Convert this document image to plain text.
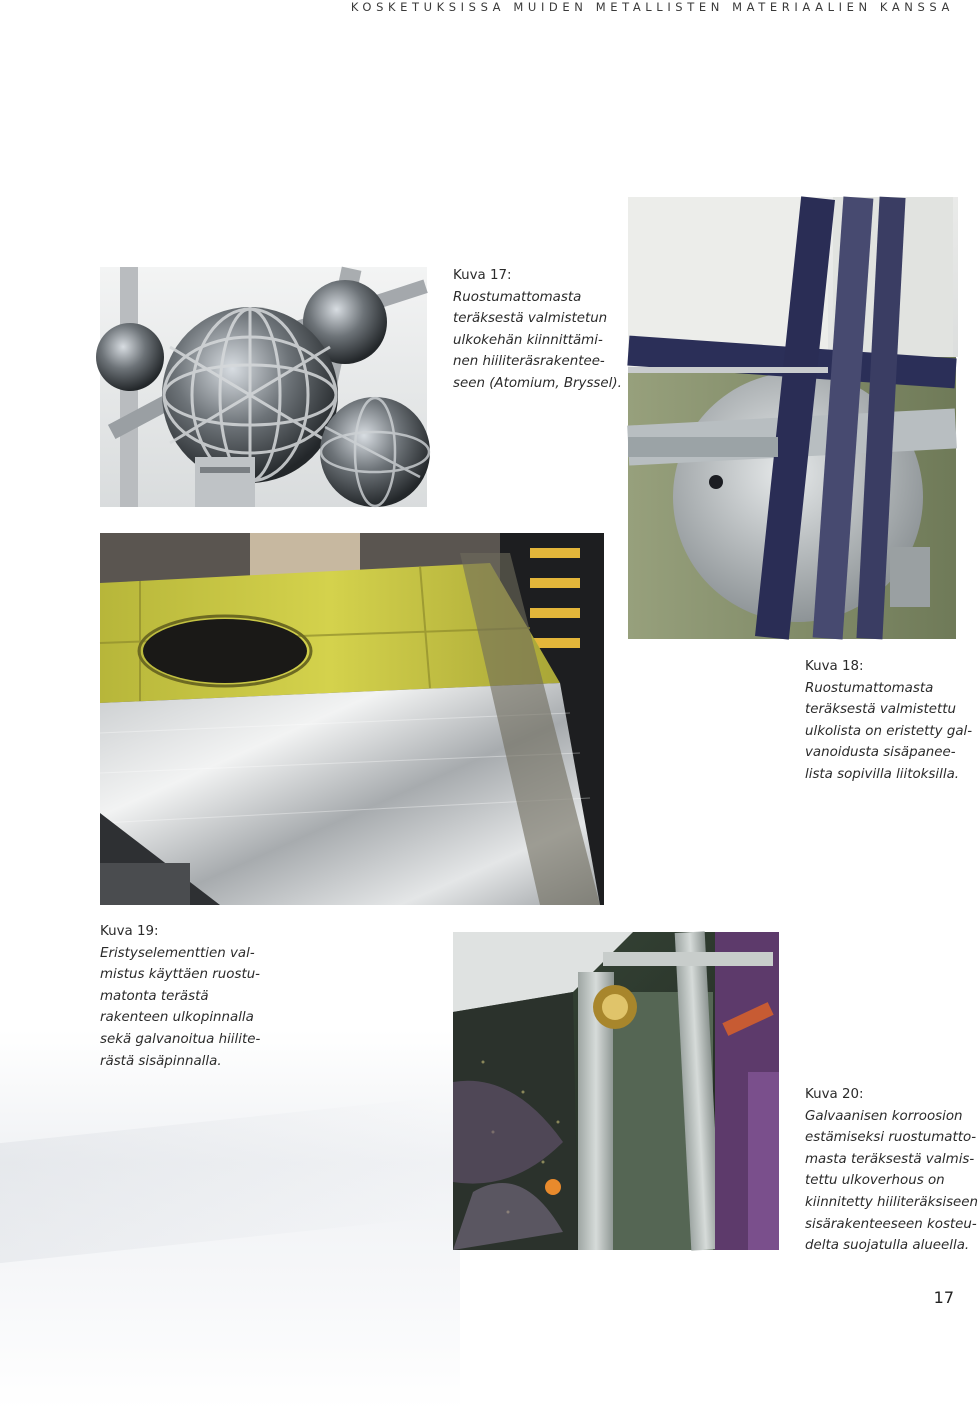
KOSKETUKSISSA MUIDEN METALLISTEN MATERIAALIEN KANSSA
Kuva 17:
Ruostumattomasta
teräksestä valmistetun
ulkokehän kiinnittämi-
nen hiiliteräsrakentee-
seen (Atomium, Bryssel).
Kuva 18:
Ruostumattomasta
teräksestä valmistettu
ulkolista on eristetty gal-
vanoidusta sisäpanee-
lista sopivilla liitoksilla.
Kuva 19:
Eristyselementtien val-
mistus käyttäen ruostu-
matonta terästä
rakenteen ulkopinnalla
sekä galvanoitua hiilite-
rästä sisäpinnalla.
Kuva 20:
Galvaanisen korroosion
estämiseksi ruostumatto-
masta teräksestä valmis-
tettu ulkoverhous on
kiinnitetty hiiliteräksiseen
sisärakenteeseen kosteu-
delta suojatulla alueella.
17
